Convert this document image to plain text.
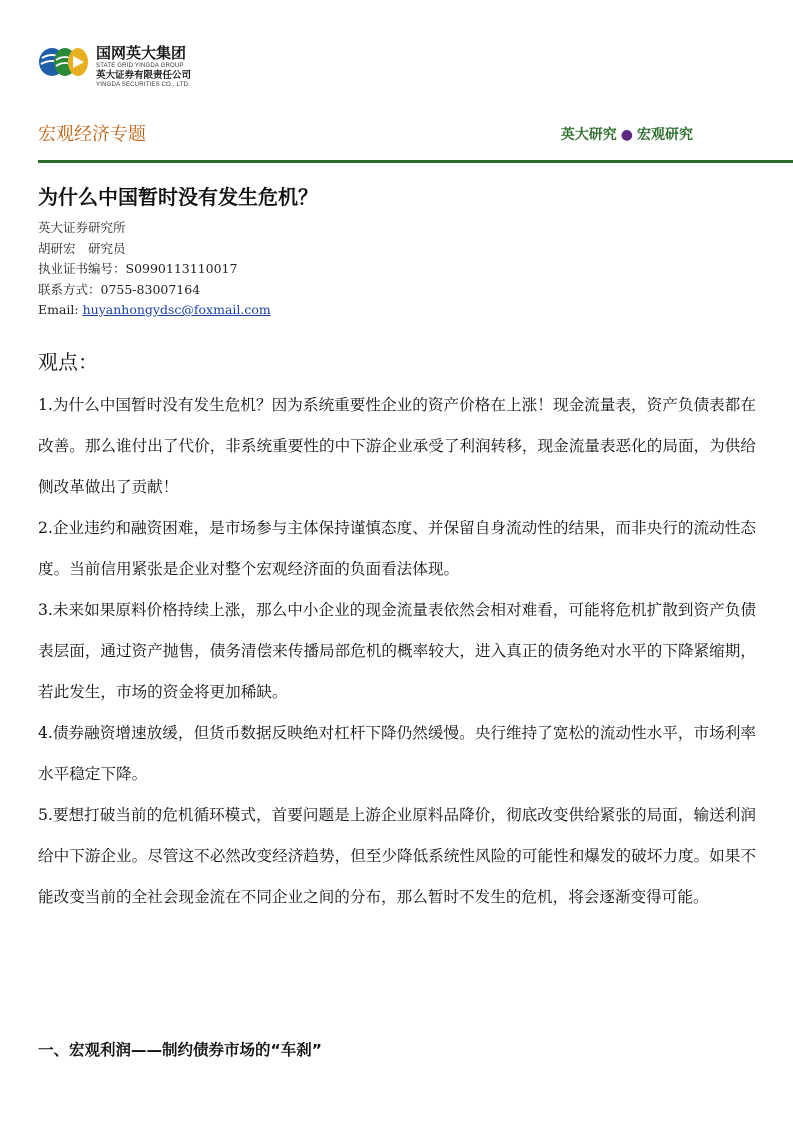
国网英大集团
STATE GRID YINGDA GROUP
英大证券有限责任公司
YINGDA SECURITIES CO., LTD.
宏观经济专题	英大研究 ● 宏观研究
为什么中国暂时没有发生危机？
英大证券研究所
胡研宏　研究员
执业证书编号：S0990113110017
联系方式：0755-83007164
Email: huyanhongydsc@foxmail.com
观点：

1.为什么中国暂时没有发生危机？因为系统重要性企业的资产价格在上涨！现金流量表，资产负债表都在改善。那么谁付出了代价，非系统重要性的中下游企业承受了利润转移，现金流量表恶化的局面，为供给侧改革做出了贡献！

2.企业违约和融资困难，是市场参与主体保持谨慎态度、并保留自身流动性的结果，而非央行的流动性态度。当前信用紧张是企业对整个宏观经济面的负面看法体现。

3.未来如果原料价格持续上涨，那么中小企业的现金流量表依然会相对难看，可能将危机扩散到资产负债表层面，通过资产抛售，债务清偿来传播局部危机的概率较大，进入真正的债务绝对水平的下降紧缩期，若此发生，市场的资金将更加稀缺。

4.债券融资增速放缓，但货币数据反映绝对杠杆下降仍然缓慢。央行维持了宽松的流动性水平，市场利率水平稳定下降。

5.要想打破当前的危机循环模式，首要问题是上游企业原料品降价，彻底改变供给紧张的局面，输送利润给中下游企业。尽管这不必然改变经济趋势，但至少降低系统性风险的可能性和爆发的破坏力度。如果不能改变当前的全社会现金流在不同企业之间的分布，那么暂时不发生的危机，将会逐渐变得可能。

一、宏观利润——制约债券市场的“车刹”
